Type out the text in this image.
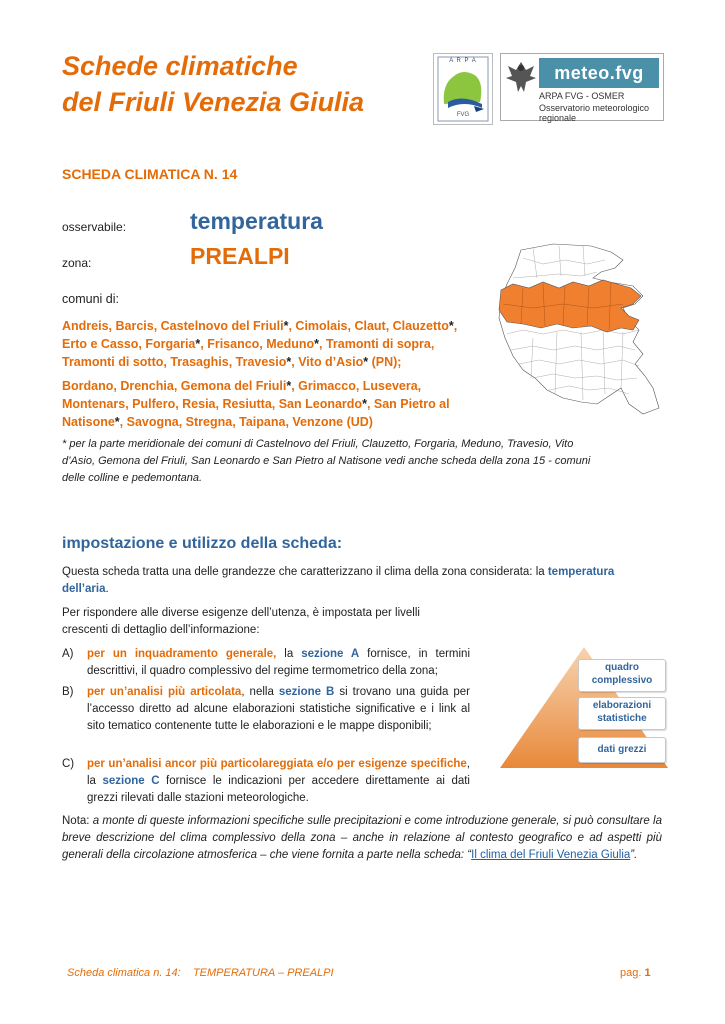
Schede climatiche
del Friuli Venezia Giulia
A R P A
FVG
meteo.fvg
ARPA FVG - OSMER
Osservatorio meteorologico regionale
SCHEDA CLIMATICA N. 14
osservabile:	temperatura
zona:	PREALPI
comuni di:
Andreis, Barcis, Castelnovo del Friuli*, Cimolais, Claut, Clauzetto*,
Erto e Casso, Forgaria*, Frisanco, Meduno*, Tramonti di sopra,
Tramonti di sotto, Trasaghis, Travesio*, Vito d’Asio* (PN);
Bordano, Drenchia, Gemona del Friuli*, Grimacco, Lusevera,
Montenars, Pulfero, Resia, Resiutta, San Leonardo*, San Pietro al
Natisone*, Savogna, Stregna, Taipana, Venzone (UD)
* per la parte meridionale dei comuni di Castelnovo del Friuli, Clauzetto, Forgaria, Meduno, Travesio, Vito
d’Asio, Gemona del Friuli, San Leonardo e San Pietro al Natisone vedi anche scheda della zona 15 - comuni
delle colline e pedemontana.
impostazione e utilizzo della scheda:
Questa scheda tratta una delle grandezze che caratterizzano il clima della zona considerata: la temperatura
dell’aria.
Per rispondere alle diverse esigenze dell’utenza, è impostata per livelli
crescenti di dettaglio dell’informazione:
A)	per un inquadramento generale, la sezione A fornisce, in termini descrittivi, il quadro complessivo del regime termometrico della zona;
B)	per un’analisi più articolata, nella sezione B si trovano una guida per l’accesso diretto ad alcune elaborazioni statistiche significative e i link al sito tematico contenente tutte le elaborazioni e le mappe disponibili;
C)	per un’analisi ancor più particolareggiata e/o per esigenze specifiche, la sezione C fornisce le indicazioni per accedere direttamente ai dati grezzi rilevati dalle stazioni meteorologiche.
quadro
complessivo
elaborazioni
statistiche
dati grezzi
Nota: a monte di queste informazioni specifiche sulle precipitazioni e come introduzione generale, si può consultare la breve descrizione del clima complessivo della zona – anche in relazione al contesto geografico e ad aspetti più generali della circolazione atmosferica – che viene fornita a parte nella scheda: “Il clima del Friuli Venezia Giulia”.
Scheda climatica n. 14:    TEMPERATURA – PREALPI	pag. 1
